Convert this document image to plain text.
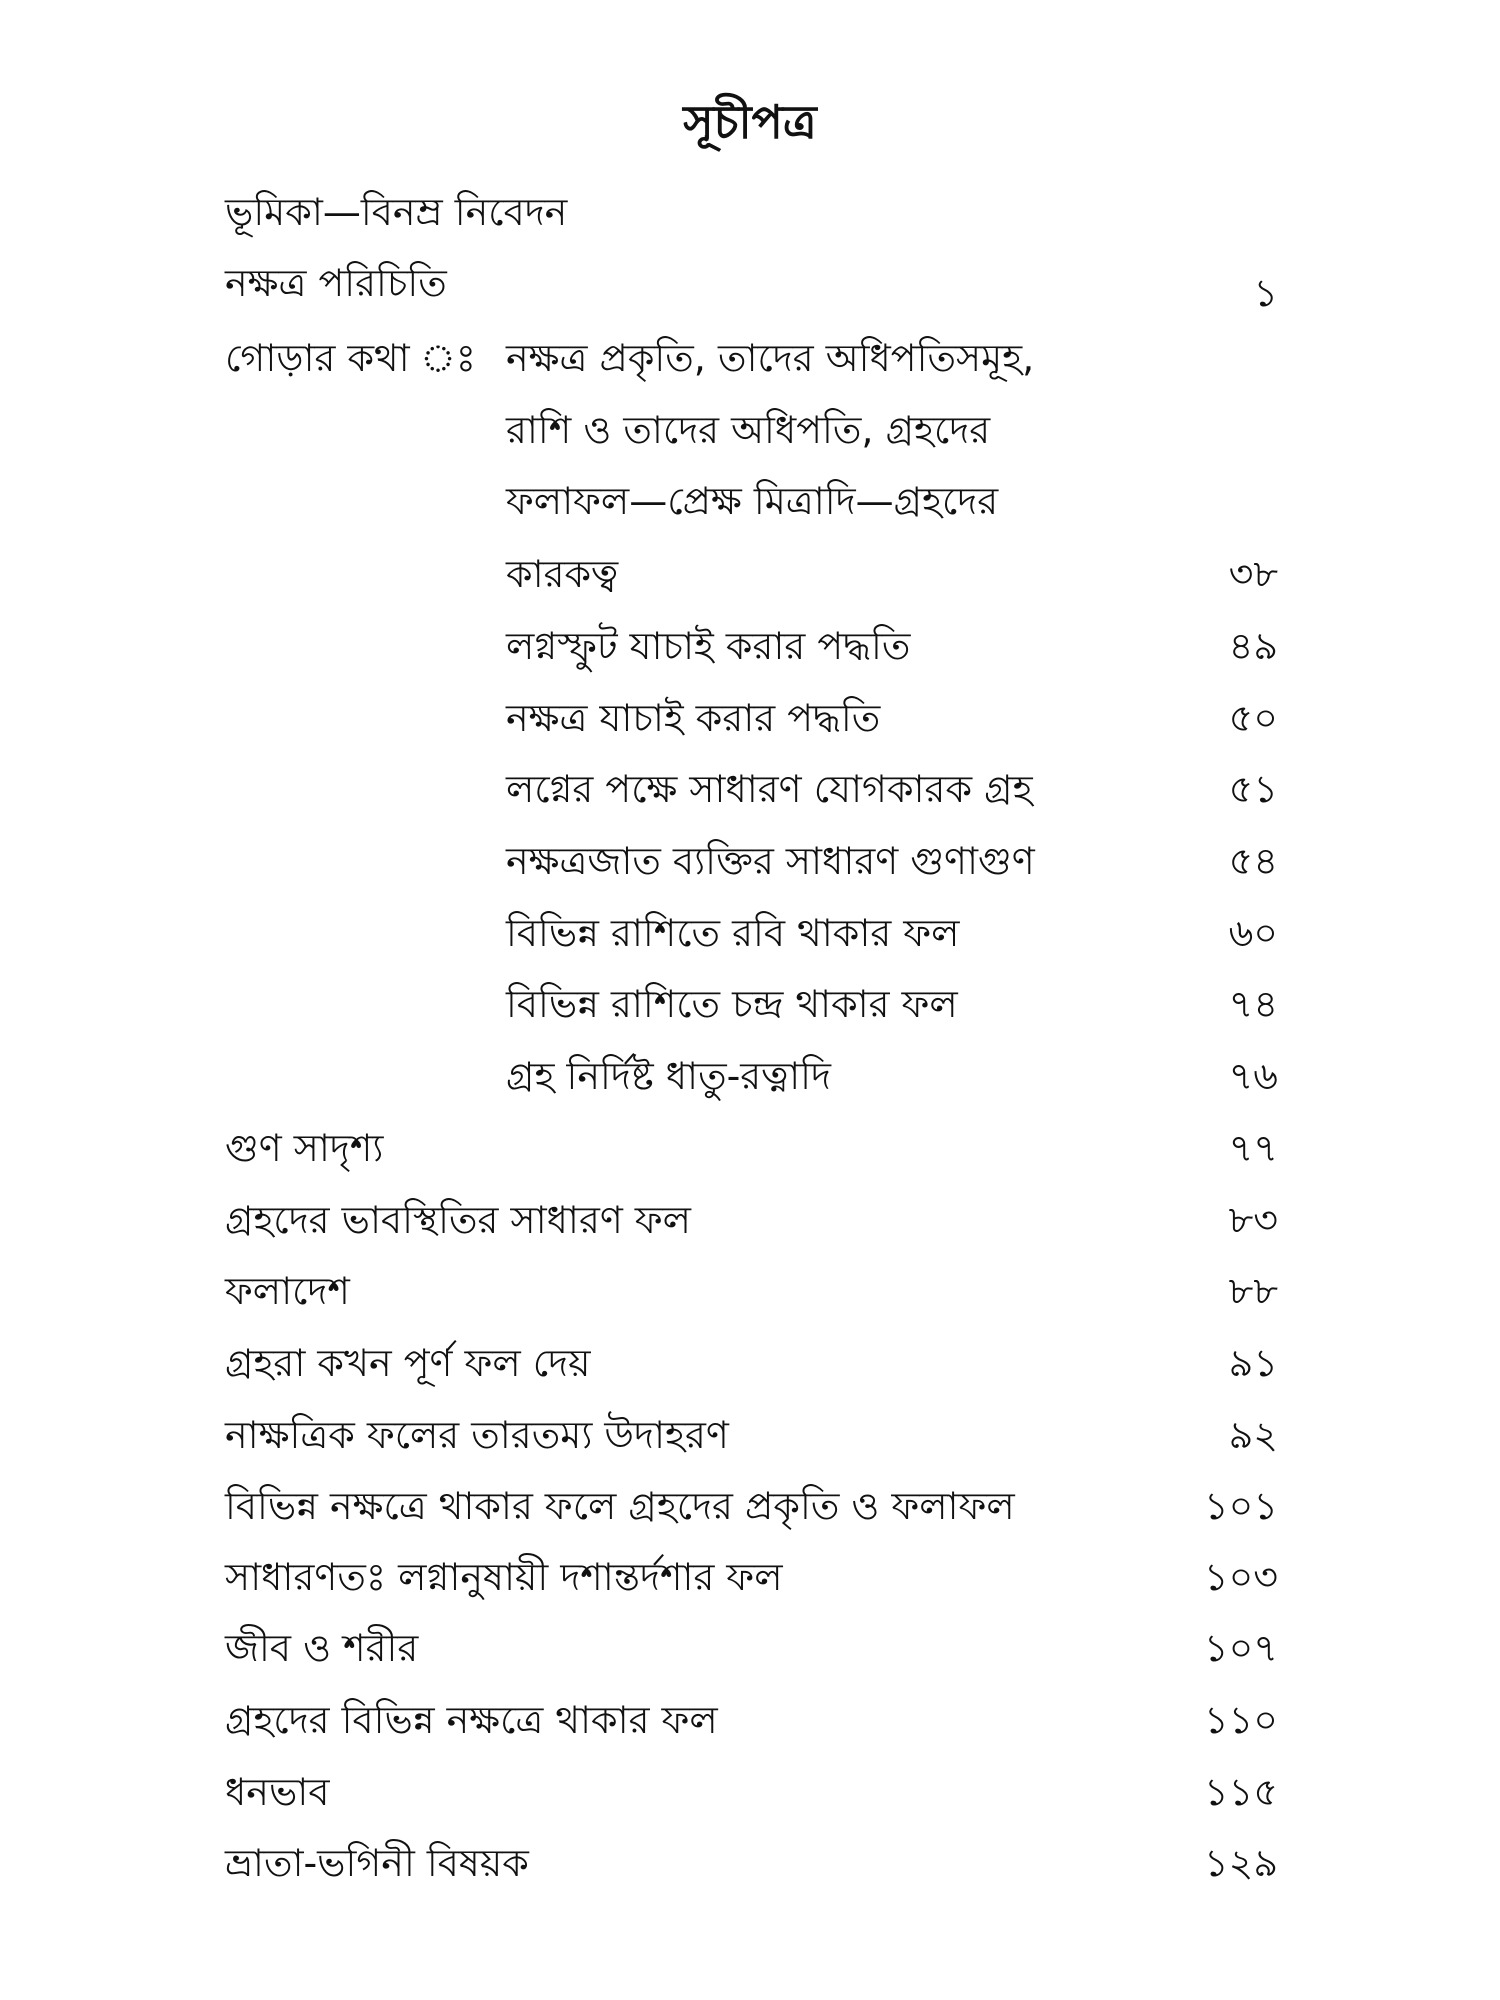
সূচীপত্র
ভূমিকা—বিনম্র নিবেদন
নক্ষত্র পরিচিতি	১
গোড়ার কথা ঃ নক্ষত্র প্রকৃতি, তাদের অধিপতিসমূহ,
রাশি ও তাদের অধিপতি, গ্রহদের
ফলাফল—প্রেক্ষ মিত্রাদি—গ্রহদের
কারকত্ব	৩৮
লগ্নস্ফুট যাচাই করার পদ্ধতি	৪৯
নক্ষত্র যাচাই করার পদ্ধতি	৫০
লগ্নের পক্ষে সাধারণ যোগকারক গ্রহ	৫১
নক্ষত্রজাত ব্যক্তির সাধারণ গুণাগুণ	৫৪
বিভিন্ন রাশিতে রবি থাকার ফল	৬০
বিভিন্ন রাশিতে চন্দ্র থাকার ফল	৭৪
গ্রহ নির্দিষ্ট ধাতু-রত্নাদি	৭৬
গুণ সাদৃশ্য	৭৭
গ্রহদের ভাবস্থিতির সাধারণ ফল	৮৩
ফলাদেশ	৮৮
গ্রহরা কখন পূর্ণ ফল দেয়	৯১
নাক্ষত্রিক ফলের তারতম্য উদাহরণ	৯২
বিভিন্ন নক্ষত্রে থাকার ফলে গ্রহদের প্রকৃতি ও ফলাফল	১০১
সাধারণতঃ লগ্নানুষায়ী দশান্তর্দশার ফল	১০৩
জীব ও শরীর	১০৭
গ্রহদের বিভিন্ন নক্ষত্রে থাকার ফল	১১০
ধনভাব	১১৫
ভ্রাতা-ভগিনী বিষয়ক	১২৯
